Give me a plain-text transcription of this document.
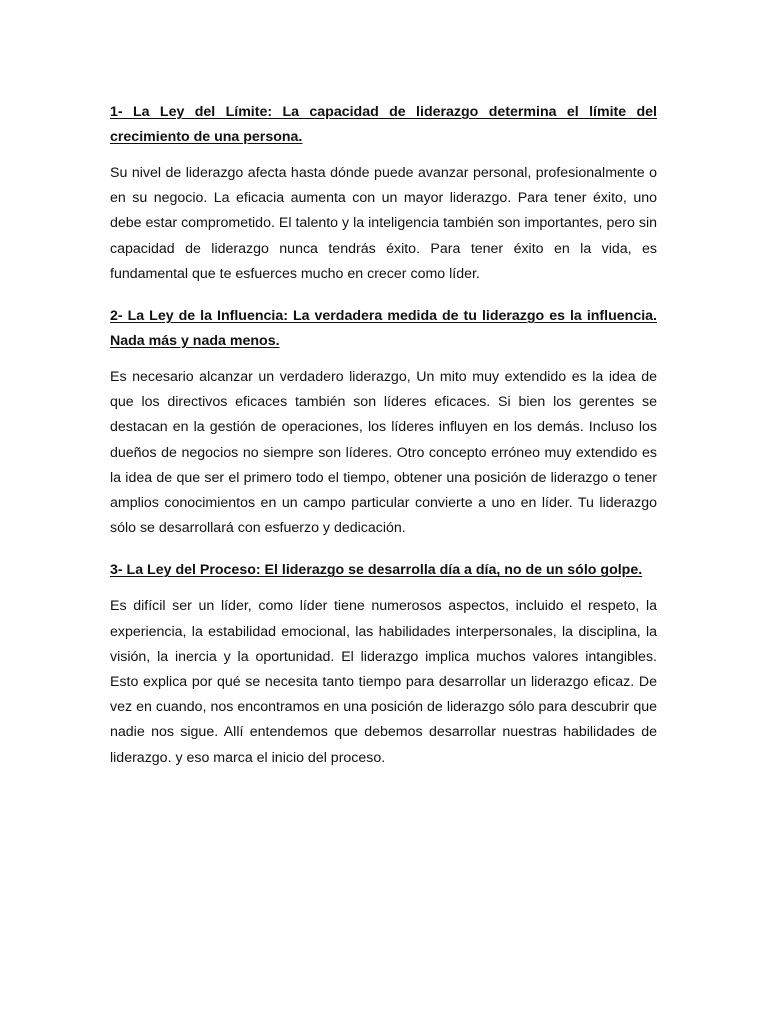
1- La Ley del Límite: La capacidad de liderazgo determina el límite del crecimiento de una persona.

Su nivel de liderazgo afecta hasta dónde puede avanzar personal, profesionalmente o en su negocio. La eficacia aumenta con un mayor liderazgo. Para tener éxito, uno debe estar comprometido. El talento y la inteligencia también son importantes, pero sin capacidad de liderazgo nunca tendrás éxito. Para tener éxito en la vida, es fundamental que te esfuerces mucho en crecer como líder.

2- La Ley de la Influencia: La verdadera medida de tu liderazgo es la influencia. Nada más y nada menos.

Es necesario alcanzar un verdadero liderazgo, Un mito muy extendido es la idea de que los directivos eficaces también son líderes eficaces. Si bien los gerentes se destacan en la gestión de operaciones, los líderes influyen en los demás. Incluso los dueños de negocios no siempre son líderes. Otro concepto erróneo muy extendido es la idea de que ser el primero todo el tiempo, obtener una posición de liderazgo o tener amplios conocimientos en un campo particular convierte a uno en líder. Tu liderazgo sólo se desarrollará con esfuerzo y dedicación.

3- La Ley del Proceso: El liderazgo se desarrolla día a día, no de un sólo golpe.

Es difícil ser un líder, como líder tiene numerosos aspectos, incluido el respeto, la experiencia, la estabilidad emocional, las habilidades interpersonales, la disciplina, la visión, la inercia y la oportunidad. El liderazgo implica muchos valores intangibles. Esto explica por qué se necesita tanto tiempo para desarrollar un liderazgo eficaz. De vez en cuando, nos encontramos en una posición de liderazgo sólo para descubrir que nadie nos sigue. Allí entendemos que debemos desarrollar nuestras habilidades de liderazgo. y eso marca el inicio del proceso.
